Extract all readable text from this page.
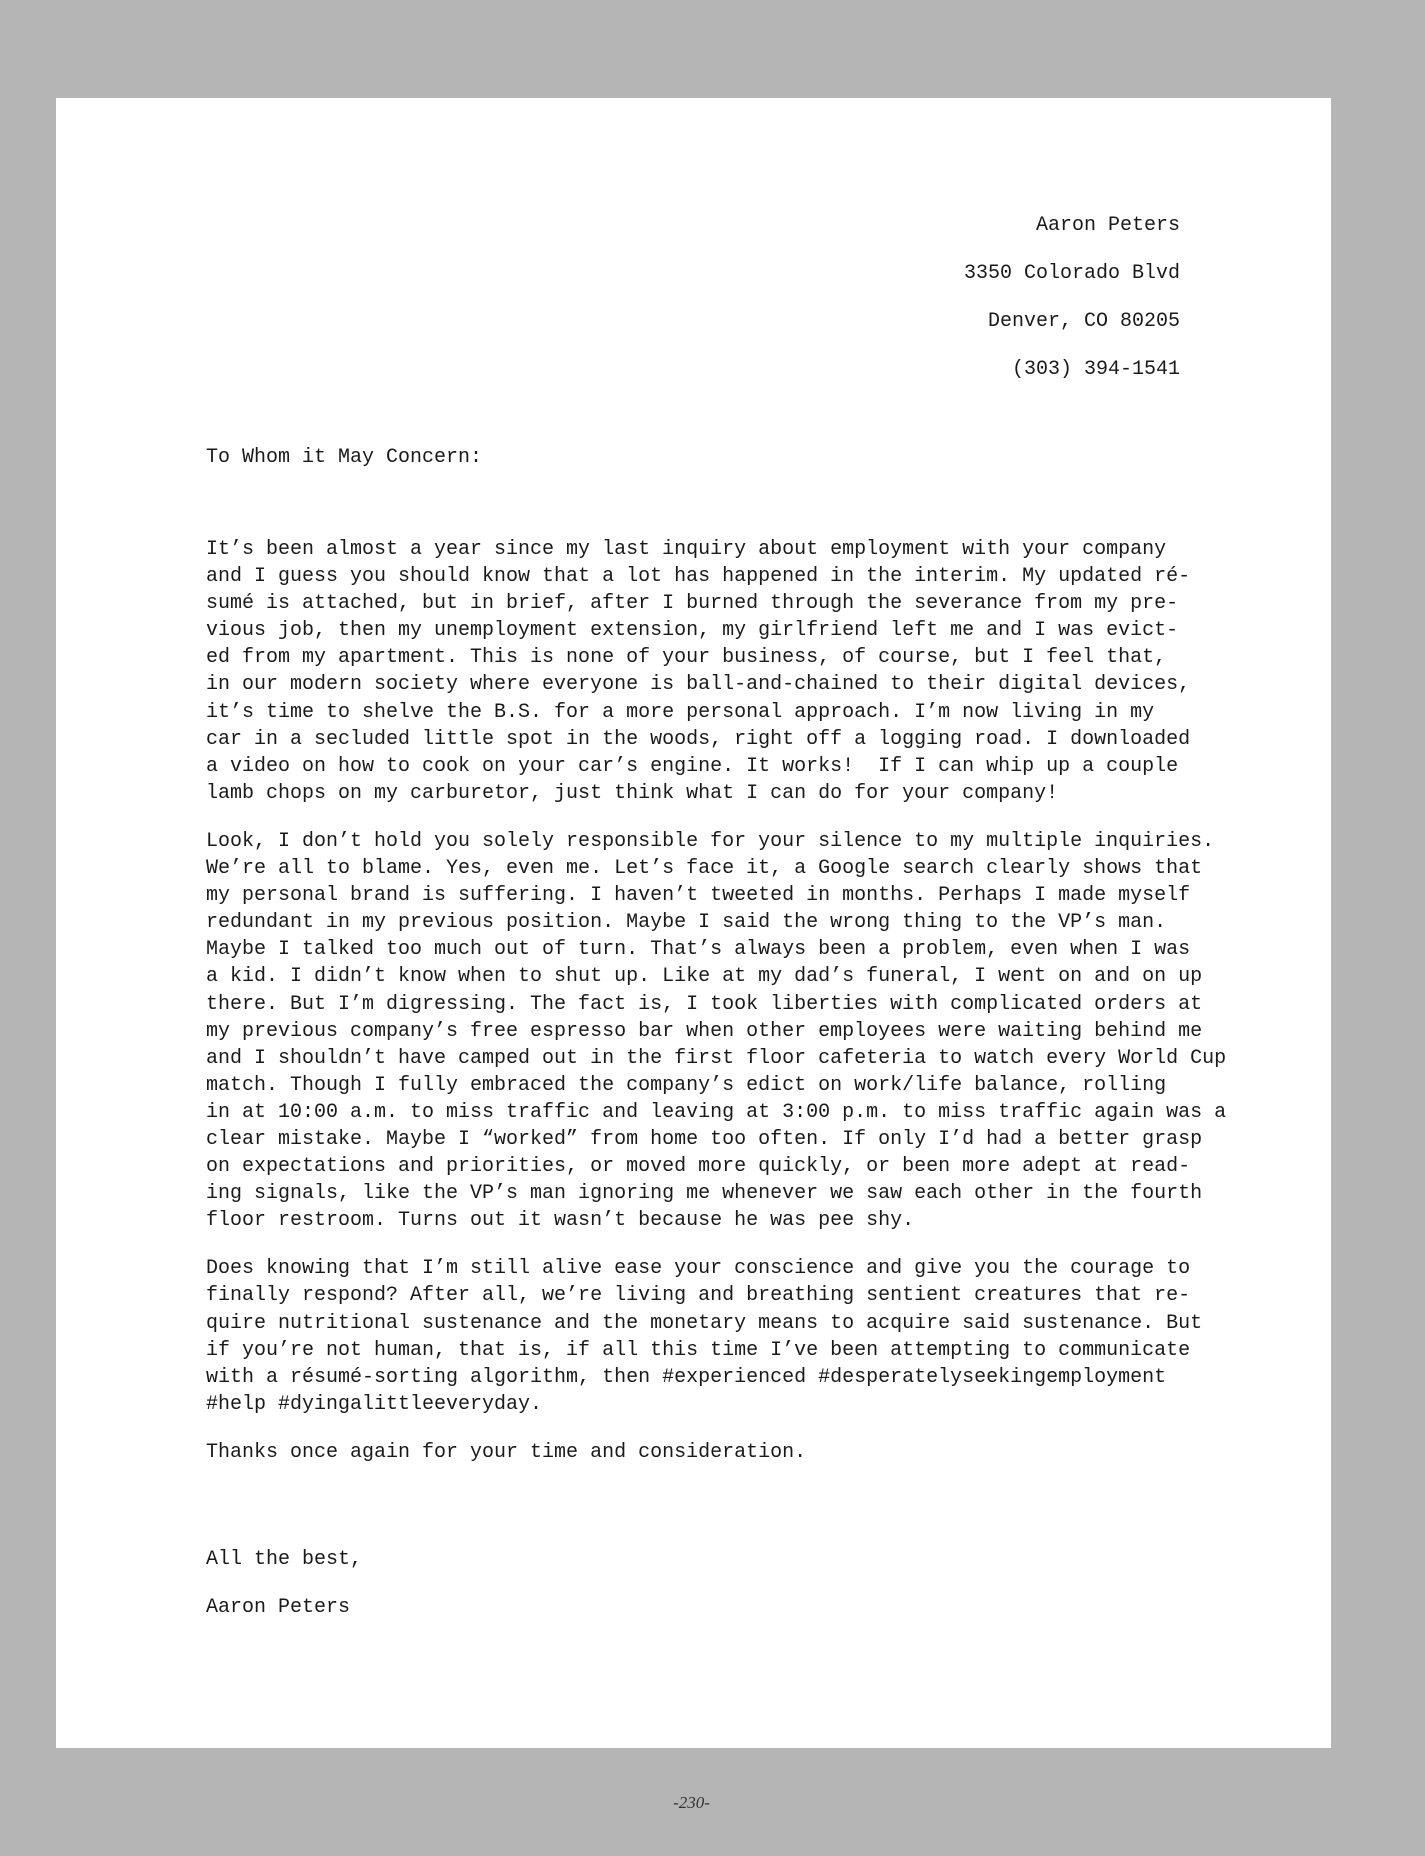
Aaron Peters
3350 Colorado Blvd
Denver, CO 80205
(303) 394-1541
To Whom it May Concern:
It’s been almost a year since my last inquiry about employment with your company
and I guess you should know that a lot has happened in the interim. My updated ré-
sumé is attached, but in brief, after I burned through the severance from my pre-
vious job, then my unemployment extension, my girlfriend left me and I was evict-
ed from my apartment. This is none of your business, of course, but I feel that,
in our modern society where everyone is ball-and-chained to their digital devices,
it’s time to shelve the B.S. for a more personal approach. I’m now living in my
car in a secluded little spot in the woods, right off a logging road. I downloaded
a video on how to cook on your car’s engine. It works!  If I can whip up a couple
lamb chops on my carburetor, just think what I can do for your company!
Look, I don’t hold you solely responsible for your silence to my multiple inquiries.
We’re all to blame. Yes, even me. Let’s face it, a Google search clearly shows that
my personal brand is suffering. I haven’t tweeted in months. Perhaps I made myself
redundant in my previous position. Maybe I said the wrong thing to the VP’s man.
Maybe I talked too much out of turn. That’s always been a problem, even when I was
a kid. I didn’t know when to shut up. Like at my dad’s funeral, I went on and on up
there. But I’m digressing. The fact is, I took liberties with complicated orders at
my previous company’s free espresso bar when other employees were waiting behind me
and I shouldn’t have camped out in the first floor cafeteria to watch every World Cup
match. Though I fully embraced the company’s edict on work/life balance, rolling
in at 10:00 a.m. to miss traffic and leaving at 3:00 p.m. to miss traffic again was a
clear mistake. Maybe I “worked” from home too often. If only I’d had a better grasp
on expectations and priorities, or moved more quickly, or been more adept at read-
ing signals, like the VP’s man ignoring me whenever we saw each other in the fourth
floor restroom. Turns out it wasn’t because he was pee shy.
Does knowing that I’m still alive ease your conscience and give you the courage to
finally respond? After all, we’re living and breathing sentient creatures that re-
quire nutritional sustenance and the monetary means to acquire said sustenance. But
if you’re not human, that is, if all this time I’ve been attempting to communicate
with a résumé-sorting algorithm, then #experienced #desperatelyseekingemployment
#help #dyingalittleeveryday.
Thanks once again for your time and consideration.
All the best,
Aaron Peters
-230-
